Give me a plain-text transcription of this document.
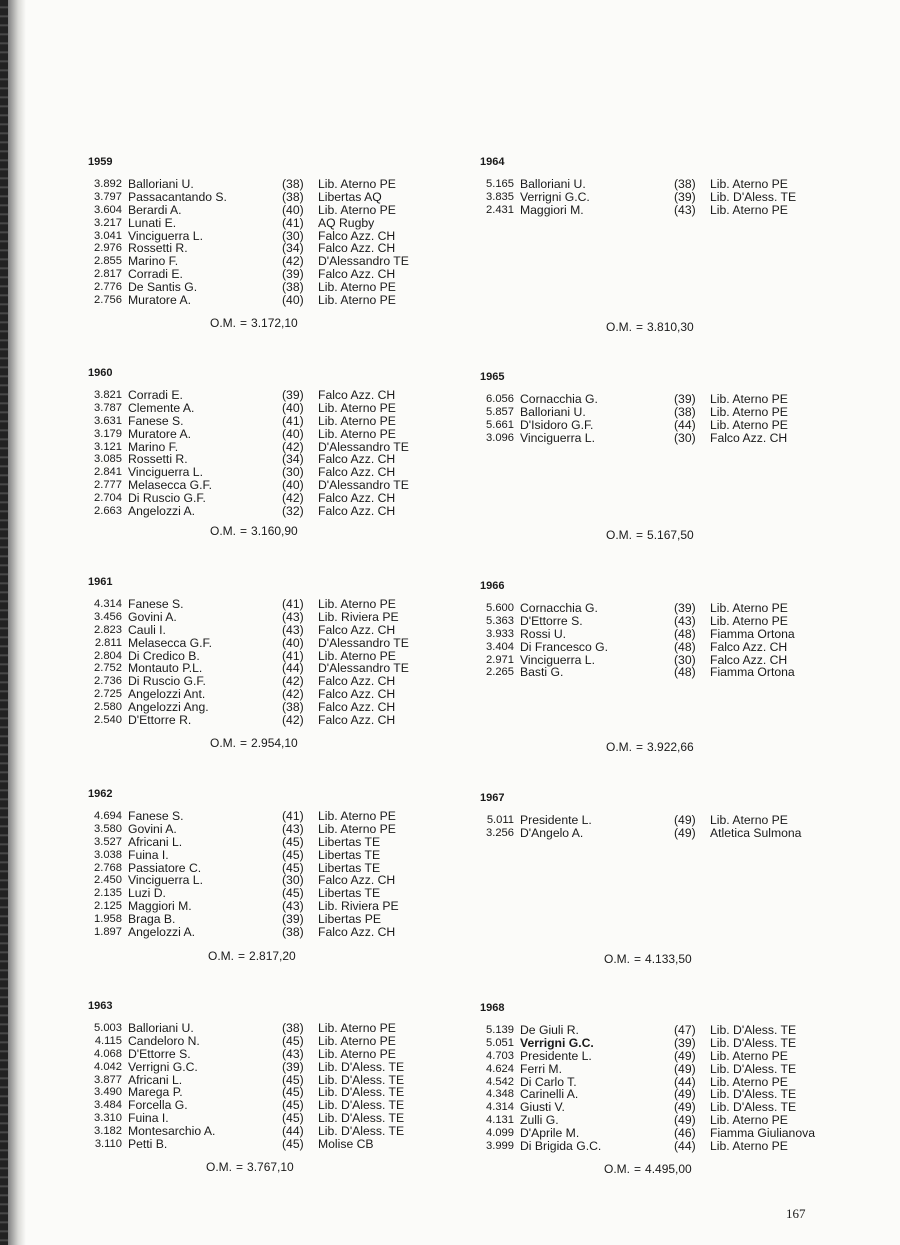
1959
3.892 Balloriani U.	(38) Lib. Aterno PE
3.797 Passacantando S.	(38) Libertas AQ
3.604 Berardi A.	(40) Lib. Aterno PE
3.217 Lunati E.	(41) AQ Rugby
3.041 Vinciguerra L.	(30) Falco Azz. CH
2.976 Rossetti R.	(34) Falco Azz. CH
2.855 Marino F.	(42) D'Alessandro TE
2.817 Corradi E.	(39) Falco Azz. CH
2.776 De Santis G.	(38) Lib. Aterno PE
2.756 Muratore A.	(40) Lib. Aterno PE
O.M. = 3.172,10
1960
3.821 Corradi E.	(39) Falco Azz. CH
3.787 Clemente A.	(40) Lib. Aterno PE
3.631 Fanese S.	(41) Lib. Aterno PE
3.179 Muratore A.	(40) Lib. Aterno PE
3.121 Marino F.	(42) D'Alessandro TE
3.085 Rossetti R.	(34) Falco Azz. CH
2.841 Vinciguerra L.	(30) Falco Azz. CH
2.777 Melasecca G.F.	(40) D'Alessandro TE
2.704 Di Ruscio G.F.	(42) Falco Azz. CH
2.663 Angelozzi A.	(32) Falco Azz. CH
O.M. = 3.160,90
1961
4.314 Fanese S.	(41) Lib. Aterno PE
3.456 Govini A.	(43) Lib. Riviera PE
2.823 Cauli I.	(43) Falco Azz. CH
2.811 Melasecca G.F.	(40) D'Alessandro TE
2.804 Di Credico B.	(41) Lib. Aterno PE
2.752 Montauto P.L.	(44) D'Alessandro TE
2.736 Di Ruscio G.F.	(42) Falco Azz. CH
2.725 Angelozzi Ant.	(42) Falco Azz. CH
2.580 Angelozzi Ang.	(38) Falco Azz. CH
2.540 D'Ettorre R.	(42) Falco Azz. CH
O.M. = 2.954,10
1962
4.694 Fanese S.	(41) Lib. Aterno PE
3.580 Govini A.	(43) Lib. Aterno PE
3.527 Africani L.	(45) Libertas TE
3.038 Fuina I.	(45) Libertas TE
2.768 Passiatore C.	(45) Libertas TE
2.450 Vinciguerra L.	(30) Falco Azz. CH
2.135 Luzi D.	(45) Libertas TE
2.125 Maggiori M.	(43) Lib. Riviera PE
1.958 Braga B.	(39) Libertas PE
1.897 Angelozzi A.	(38) Falco Azz. CH
O.M. = 2.817,20
1963
5.003 Balloriani U.	(38) Lib. Aterno PE
4.115 Candeloro N.	(45) Lib. Aterno PE
4.068 D'Ettorre S.	(43) Lib. Aterno PE
4.042 Verrigni G.C.	(39) Lib. D'Aless. TE
3.877 Africani L.	(45) Lib. D'Aless. TE
3.490 Marega P.	(45) Lib. D'Aless. TE
3.484 Forcella G.	(45) Lib. D'Aless. TE
3.310 Fuina I.	(45) Lib. D'Aless. TE
3.182 Montesarchio A.	(44) Lib. D'Aless. TE
3.110 Petti B.	(45) Molise CB
O.M. = 3.767,10
1964
5.165 Balloriani U.	(38) Lib. Aterno PE
3.835 Verrigni G.C.	(39) Lib. D'Aless. TE
2.431 Maggiori M.	(43) Lib. Aterno PE
O.M. = 3.810,30
1965
6.056 Cornacchia G.	(39) Lib. Aterno PE
5.857 Balloriani U.	(38) Lib. Aterno PE
5.661 D'Isidoro G.F.	(44) Lib. Aterno PE
3.096 Vinciguerra L.	(30) Falco Azz. CH
O.M. = 5.167,50
1966
5.600 Cornacchia G.	(39) Lib. Aterno PE
5.363 D'Ettorre S.	(43) Lib. Aterno PE
3.933 Rossi U.	(48) Fiamma Ortona
3.404 Di Francesco G.	(48) Falco Azz. CH
2.971 Vinciguerra L.	(30) Falco Azz. CH
2.265 Basti G.	(48) Fiamma Ortona
O.M. = 3.922,66
1967
5.011 Presidente L.	(49) Lib. Aterno PE
3.256 D'Angelo A.	(49) Atletica Sulmona
O.M. = 4.133,50
1968
5.139 De Giuli R.	(47) Lib. D'Aless. TE
5.051 Verrigni G.C.	(39) Lib. D'Aless. TE
4.703 Presidente L.	(49) Lib. Aterno PE
4.624 Ferri M.	(49) Lib. D'Aless. TE
4.542 Di Carlo T.	(44) Lib. Aterno PE
4.348 Carinelli A.	(49) Lib. D'Aless. TE
4.314 Giusti V.	(49) Lib. D'Aless. TE
4.131 Zulli G.	(49) Lib. Aterno PE
4.099 D'Aprile M.	(46) Fiamma Giulianova
3.999 Di Brigida G.C.	(44) Lib. Aterno PE
O.M. = 4.495,00
167
